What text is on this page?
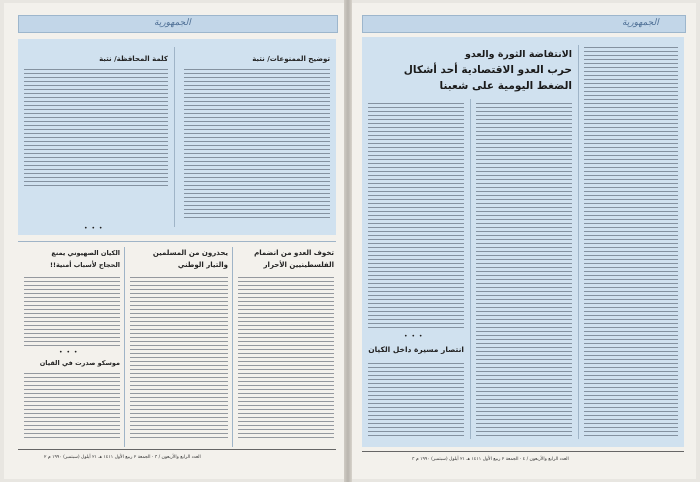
الجمهورية
توضيح الممنوعات/ نتبة
كلمة المحافظة/ نتبة
• • •
تخوف العدو من انضمام
الفلسطينيين الأحرار
يحذرون من المسلمين
والتيار الوطني
الكيان الصهيوني يمنع
الحجاج لأسباب أمنية!!
• • •
موسكو صدرت في القيان
العدد الرابع والأربعون / ٣ · الجمعة ٢ ربيع الأول ١٤١١ هـ ٢١ أيلول (سبتمبر) ١٩٩٠ م ٢
الجمهورية
الانتفاضة الثورة والعدو
حرب العدو الاقتصادية أحد أشكال
الضغط اليومية على شعبنا
• • •
انتصار مسيرة داخل الكيان
العدد الرابع والأربعون / ٤ · الجمعة ٢ ربيع الأول ١٤١١ هـ ٢١ أيلول (سبتمبر) ١٩٩٠ م ٣
